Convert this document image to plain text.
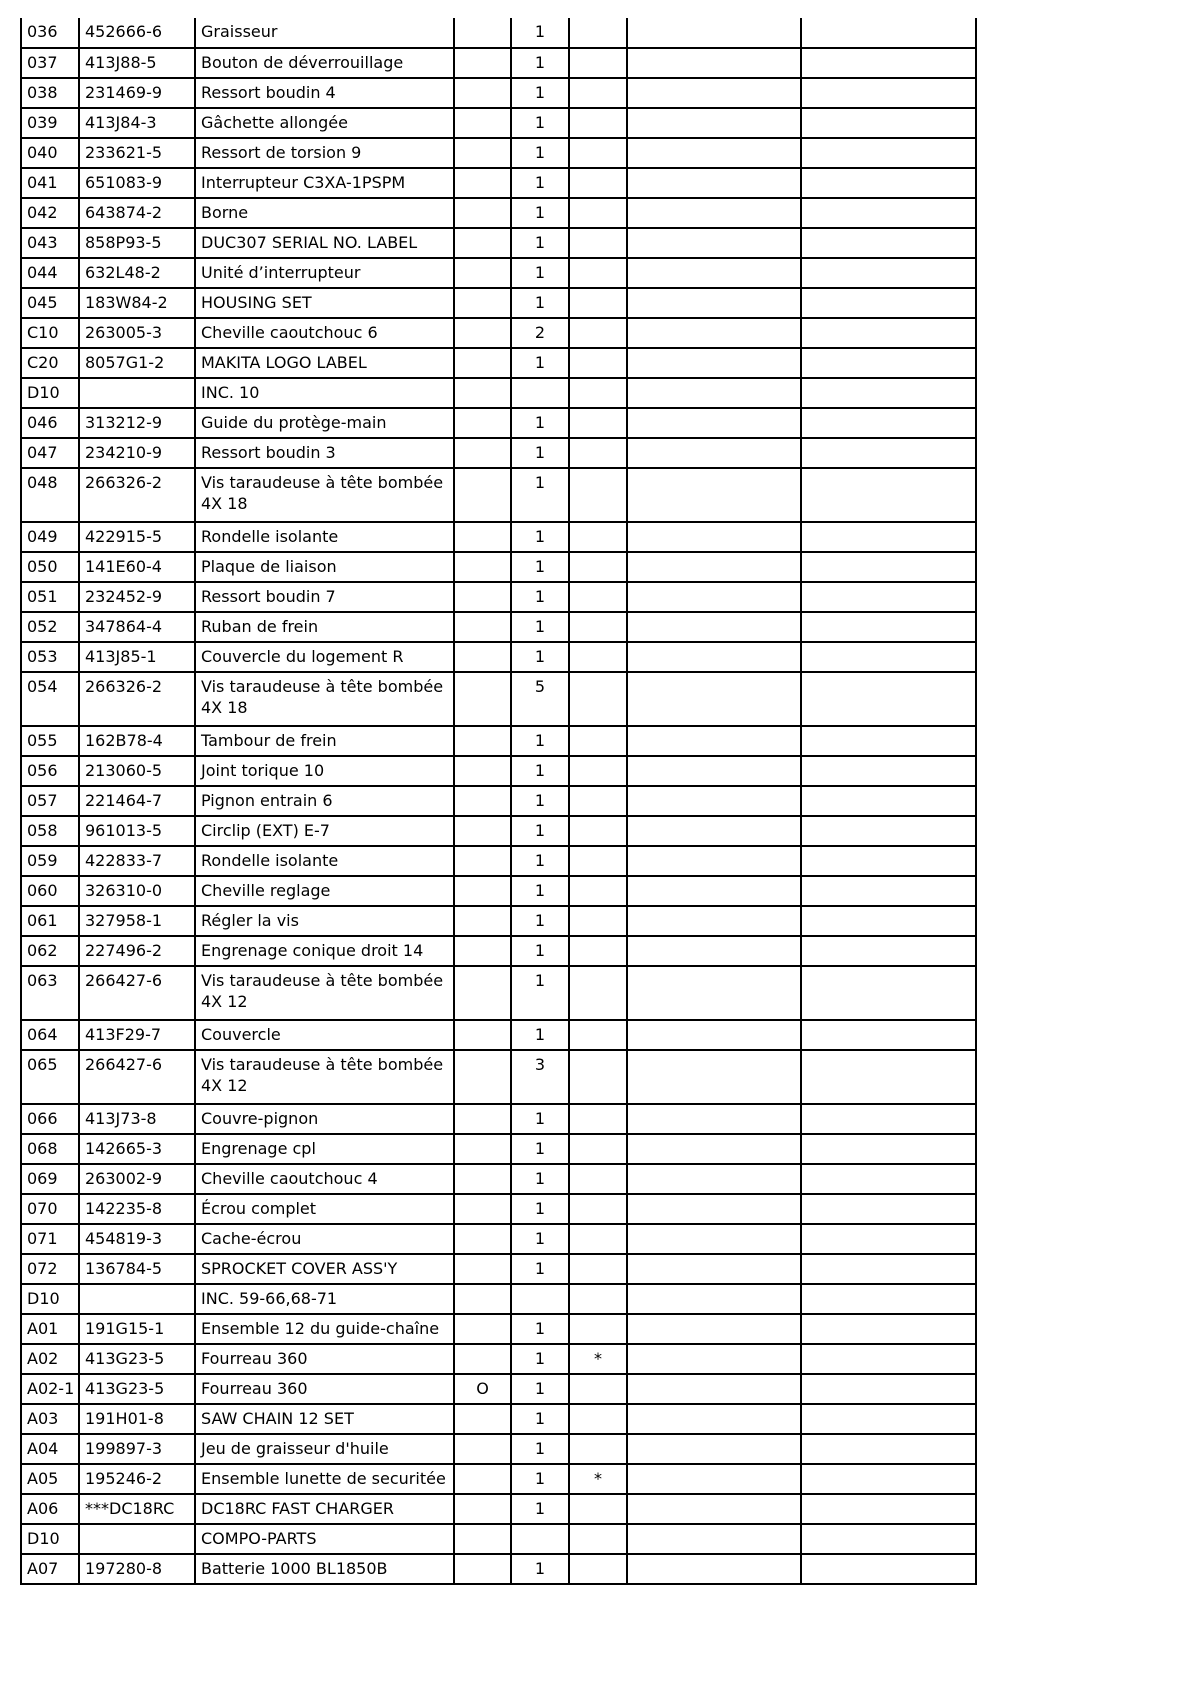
036	452666-6	Graisseur		1			
037	413J88-5	Bouton de déverrouillage		1			
038	231469-9	Ressort boudin 4		1			
039	413J84-3	Gâchette allongée		1			
040	233621-5	Ressort de torsion 9		1			
041	651083-9	Interrupteur C3XA-1PSPM		1			
042	643874-2	Borne		1			
043	858P93-5	DUC307 SERIAL NO. LABEL		1			
044	632L48-2	Unité d’interrupteur		1			
045	183W84-2	HOUSING SET		1			
C10	263005-3	Cheville caoutchouc 6		2			
C20	8057G1-2	MAKITA LOGO LABEL		1			
D10		INC. 10					
046	313212-9	Guide du protège-main		1			
047	234210-9	Ressort boudin 3		1			
048	266326-2	Vis taraudeuse à tête bombée 4X 18		1			
049	422915-5	Rondelle isolante		1			
050	141E60-4	Plaque de liaison		1			
051	232452-9	Ressort boudin 7		1			
052	347864-4	Ruban de frein		1			
053	413J85-1	Couvercle du logement R		1			
054	266326-2	Vis taraudeuse à tête bombée 4X 18		5			
055	162B78-4	Tambour de frein		1			
056	213060-5	Joint torique 10		1			
057	221464-7	Pignon entrain 6		1			
058	961013-5	Circlip (EXT) E-7		1			
059	422833-7	Rondelle isolante		1			
060	326310-0	Cheville reglage		1			
061	327958-1	Régler la vis		1			
062	227496-2	Engrenage conique droit 14		1			
063	266427-6	Vis taraudeuse à tête bombée 4X 12		1			
064	413F29-7	Couvercle		1			
065	266427-6	Vis taraudeuse à tête bombée 4X 12		3			
066	413J73-8	Couvre-pignon		1			
068	142665-3	Engrenage cpl		1			
069	263002-9	Cheville caoutchouc 4		1			
070	142235-8	Écrou complet		1			
071	454819-3	Cache-écrou		1			
072	136784-5	SPROCKET COVER ASS'Y		1			
D10		INC. 59-66,68-71					
A01	191G15-1	Ensemble 12 du guide-chaîne		1			
A02	413G23-5	Fourreau 360		1	*		
A02-1	413G23-5	Fourreau 360	O	1			
A03	191H01-8	SAW CHAIN 12 SET		1			
A04	199897-3	Jeu de graisseur d'huile		1			
A05	195246-2	Ensemble lunette de securitée		1	*		
A06	***DC18RC	DC18RC FAST CHARGER		1			
D10		COMPO-PARTS					
A07	197280-8	Batterie 1000 BL1850B		1			
